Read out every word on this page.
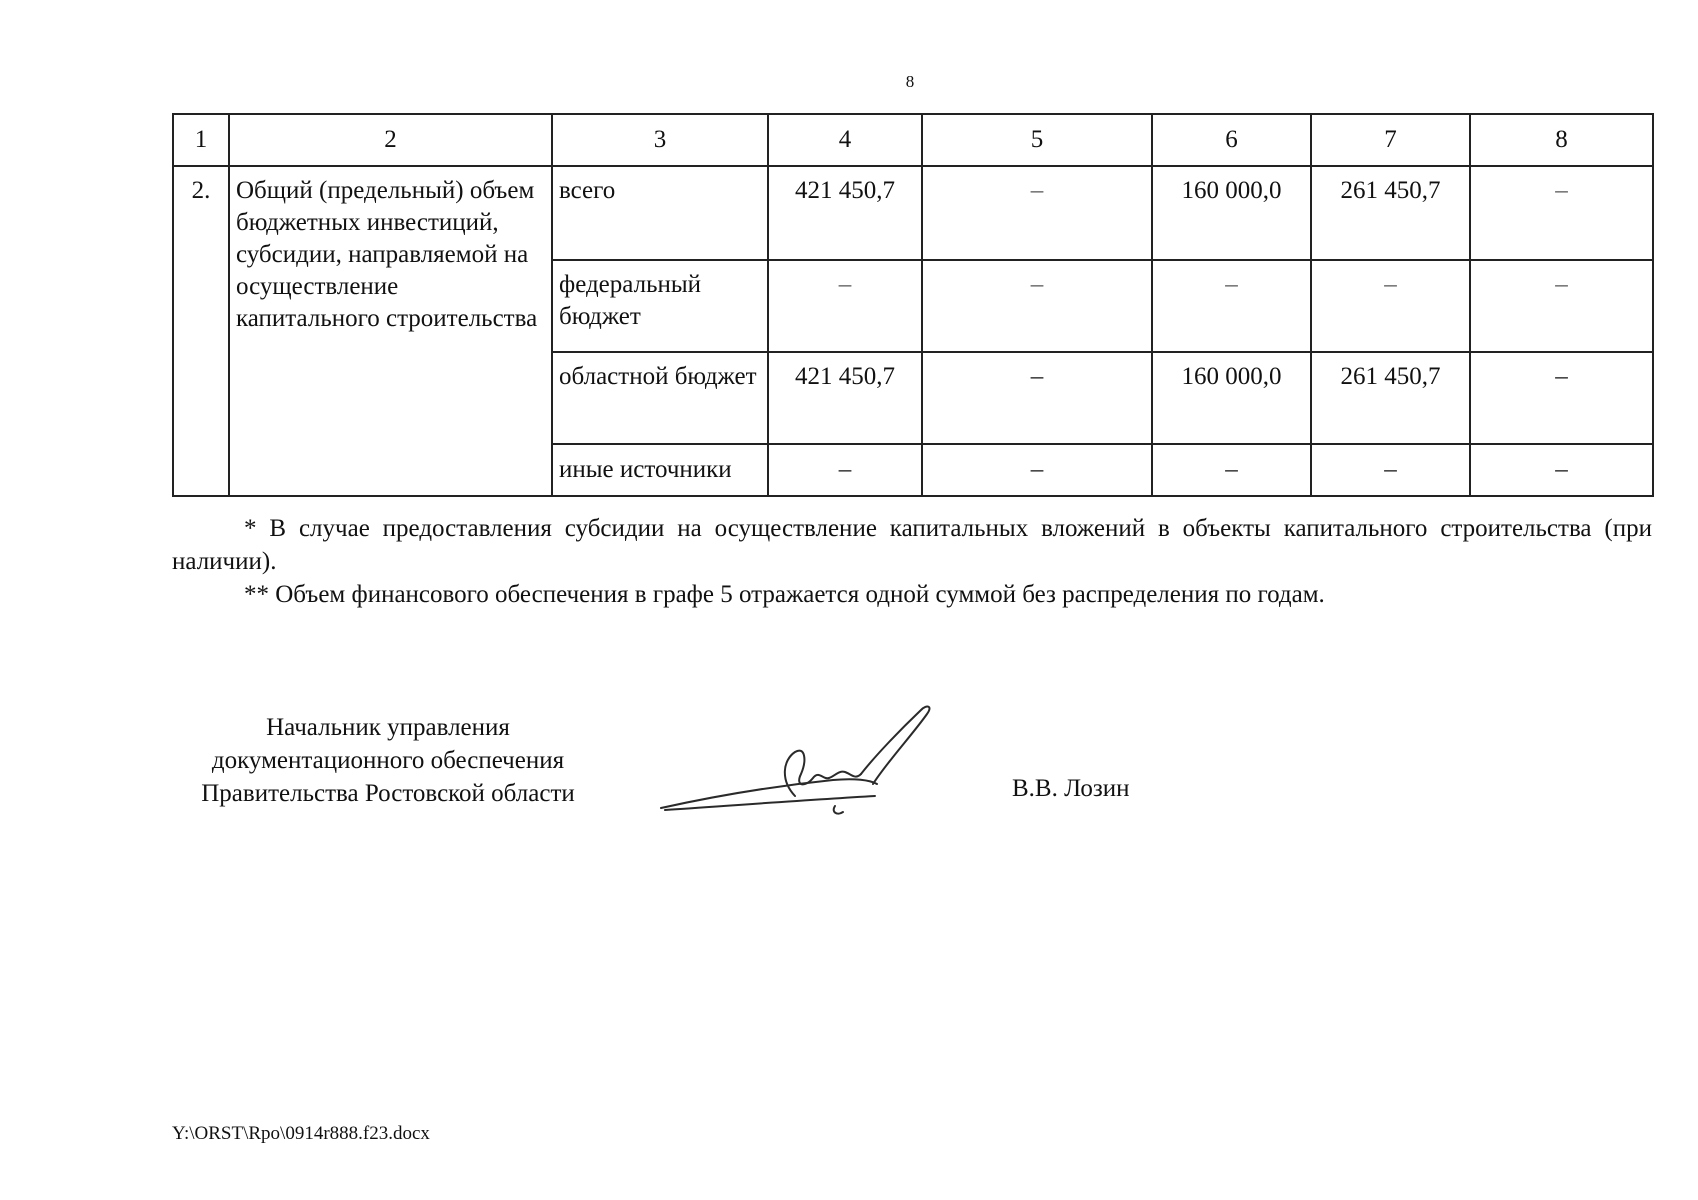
8
1	2	3	4	5	6	7	8
2.	Общий (предельный) объем бюджетных инвестиций, субсидии, направляемой на осуществление капитального строительства	всего	421 450,7	–	160 000,0	261 450,7	–
		федеральный бюджет	–	–	–	–	–
		областной бюджет	421 450,7	–	160 000,0	261 450,7	–
		иные источники	–	–	–	–	–

* В случае предоставления субсидии на осуществление капитальных вложений в объекты капитального строительства (при наличии).

** Объем финансового обеспечения в графе 5 отражается одной суммой без распределения по годам.

Начальник управления
документационного обеспечения
Правительства Ростовской области	В.В. Лозин
Y:\ORST\Rpo\0914r888.f23.docx
